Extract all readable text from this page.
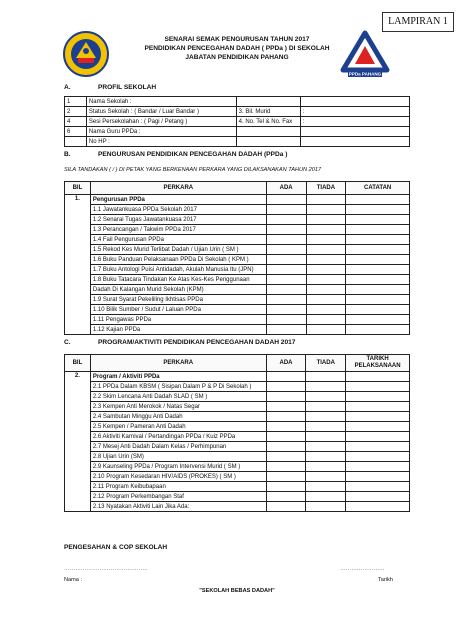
LAMPIRAN 1
SENARAI SEMAK PENGURUSAN TAHUN 2017
PENDIDIKAN PENCEGAHAN DADAH ( PPDa ) DI SEKOLAH
JABATAN PENDIDIKAN PAHANG
PPDa PAHANG
A.	PROFIL SEKOLAH
1	Nama Sekolah :		
2	Status Sekolah : ( Bandar / Luar Bandar )	3. Bil. Murid	:
4	Sesi Persekolahan : ( Pagi / Petang )	4. No. Tel & No. Fax	:
6	Nama Guru PPDa :		
	No HP :		
B.	PENGURUSAN PENDIDIKAN PENCEGAHAN DADAH (PPDa )
SILA TANDAKAN ( / ) DI PETAK YANG BERKENAAN PERKARA YANG DILAKSANAKAN TAHUN 2017
BIL	PERKARA	ADA	TIADA	CATATAN
1.	Pengurusan PPDa			
	1.1 Jawatankuasa PPDa Sekolah 2017			
	1.2 Senarai Tugas Jawatankuasa 2017			
	1.3 Perancangan / Takwim PPDa 2017			
	1.4 Fail Pengurusan PPDa			
	1.5 Rekod Kes Murid Terlibat Dadah / Ujian Urin ( SM )			
	1.6 Buku Panduan Pelaksanaan PPDa Di Sekolah ( KPM )			
	1.7 Buku Antologi Puisi Antidadah, Akulah Manusia Itu (JPN)			
	1.8 Buku Tatacara Tindakan Ke Atas Kes-Kes Penggunaan			
	Dadah Di Kalangan Murid Sekolah (KPM)			
	1.9 Surat Syarat Pekeliling Ikhtisas PPDa			
	1.10 Bilik Sumber / Sudut / Laluan PPDa			
	1.11 Pengawas PPDa			
	1.12 Kajian PPDa			
C.	PROGRAM/AKTIVITI PENDIDIKAN PENCEGAHAN DADAH 2017
BIL	PERKARA	ADA	TIADA	TARIKH
PELAKSANAAN
2.	Program / Aktiviti PPDa			
	2.1 PPDa Dalam KBSM ( Sisipan Dalam P & P Di Sekolah )			
	2.2 Skim Lencana Anti Dadah SLAD ( SM )			
	2.3 Kempen Anti Merokok / Natas Segar			
	2.4 Sambutan Minggu Anti Dadah			
	2.5 Kempen / Pameran Anti Dadah			
	2.6 Aktiviti Karnival / Pertandingan PPDa / Kuiz PPDa			
	2.7 Mesej Anti Dadah Dalam Kelas / Perhimpunan			
	2.8 Ujian Urin (SM)			
	2.9 Kaunseling PPDa / Program Intervensi Murid ( SM )			
	2.10 Program Kesedaran HIV/AIDS (PROKES) ( SM )			
	2.11 Program Keibubapaan			
	2.12 Program Perkembangan Staf			
	2.13 Nyatakan Aktiviti Lain Jika Ada:			
PENGESAHAN & COP SEKOLAH
………………………………………	……………………
Nama :	Tarikh
"SEKOLAH BEBAS DADAH"
